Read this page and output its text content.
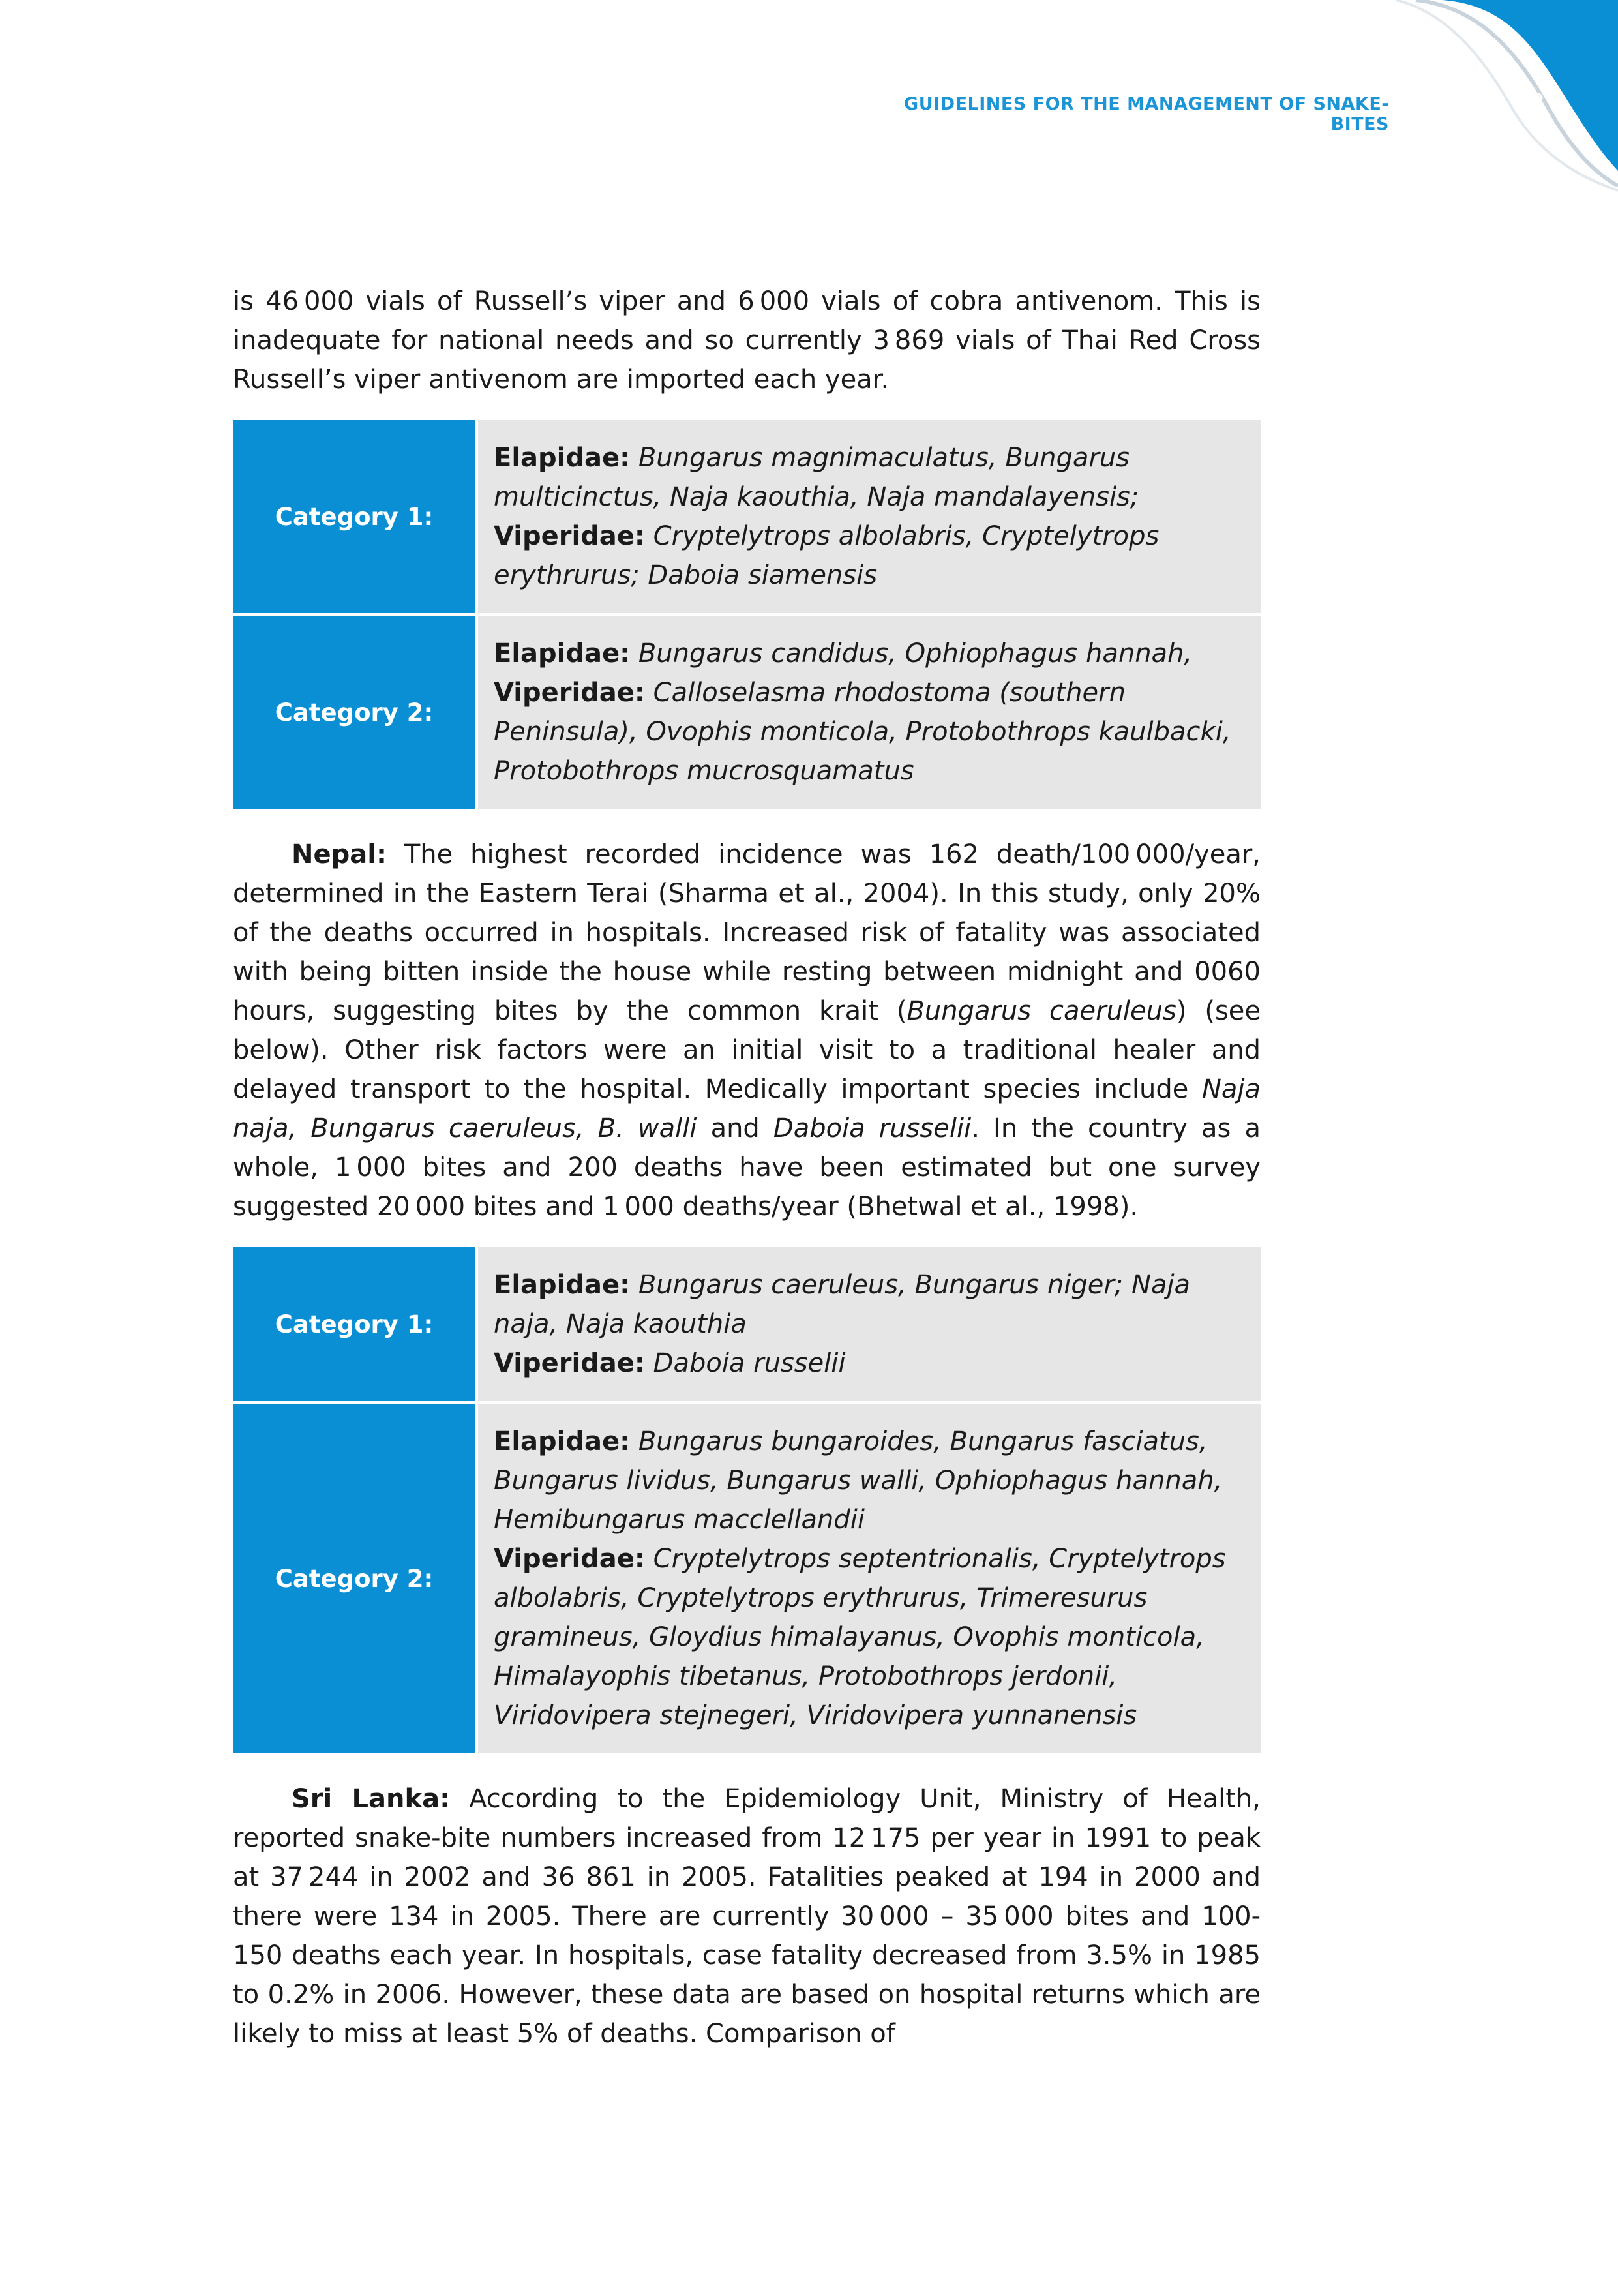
GUIDELINES FOR THE MANAGEMENT OF SNAKE-BITES
43

is 46 000 vials of Russell’s viper and 6 000 vials of cobra antivenom. This is inadequate for national needs and so currently 3 869 vials of Thai Red Cross Russell’s viper antivenom are imported each year.

Category 1:
Elapidae: Bungarus magnimaculatus, Bungarus multicinctus, Naja kaouthia, Naja mandalayensis;
Viperidae: Cryptelytrops albolabris, Cryptelytrops erythrurus; Daboia siamensis
Category 2:
Elapidae: Bungarus candidus, Ophiophagus hannah,
Viperidae: Calloselasma rhodostoma (southern Peninsula), Ovophis monticola, Protobothrops kaulbacki, Protobothrops mucrosquamatus

Nepal: The highest recorded incidence was 162 death/100 000/year, determined in the Eastern Terai (Sharma et al., 2004). In this study, only 20% of the deaths occurred in hospitals. Increased risk of fatality was associated with being bitten inside the house while resting between midnight and 0060 hours, suggesting bites by the common krait (Bungarus caeruleus) (see below). Other risk factors were an initial visit to a traditional healer and delayed transport to the hospital. Medically important species include Naja naja, Bungarus caeruleus, B. walli and Daboia russelii. In the country as a whole, 1 000 bites and 200 deaths have been estimated but one survey suggested 20 000 bites and 1 000 deaths/year (Bhetwal et al., 1998).

Category 1:
Elapidae: Bungarus caeruleus, Bungarus niger; Naja naja, Naja kaouthia
Viperidae: Daboia russelii
Category 2:
Elapidae: Bungarus bungaroides, Bungarus fasciatus, Bungarus lividus, Bungarus walli, Ophiophagus hannah, Hemibungarus macclellandii
Viperidae: Cryptelytrops septentrionalis, Cryptelytrops albolabris, Cryptelytrops erythrurus, Trimeresurus gramineus, Gloydius himalayanus, Ovophis monticola, Himalayophis tibetanus, Protobothrops jerdonii, Viridovipera stejnegeri, Viridovipera yunnanensis

Sri Lanka: According to the Epidemiology Unit, Ministry of Health, reported snake-bite numbers increased from 12 175 per year in 1991 to peak at 37 244 in 2002 and 36 861 in 2005. Fatalities peaked at 194 in 2000 and there were 134 in 2005. There are currently 30 000 – 35 000 bites and 100-150 deaths each year. In hospitals, case fatality decreased from 3.5% in 1985 to 0.2% in 2006. However, these data are based on hospital returns which are likely to miss at least 5% of deaths. Comparison of
